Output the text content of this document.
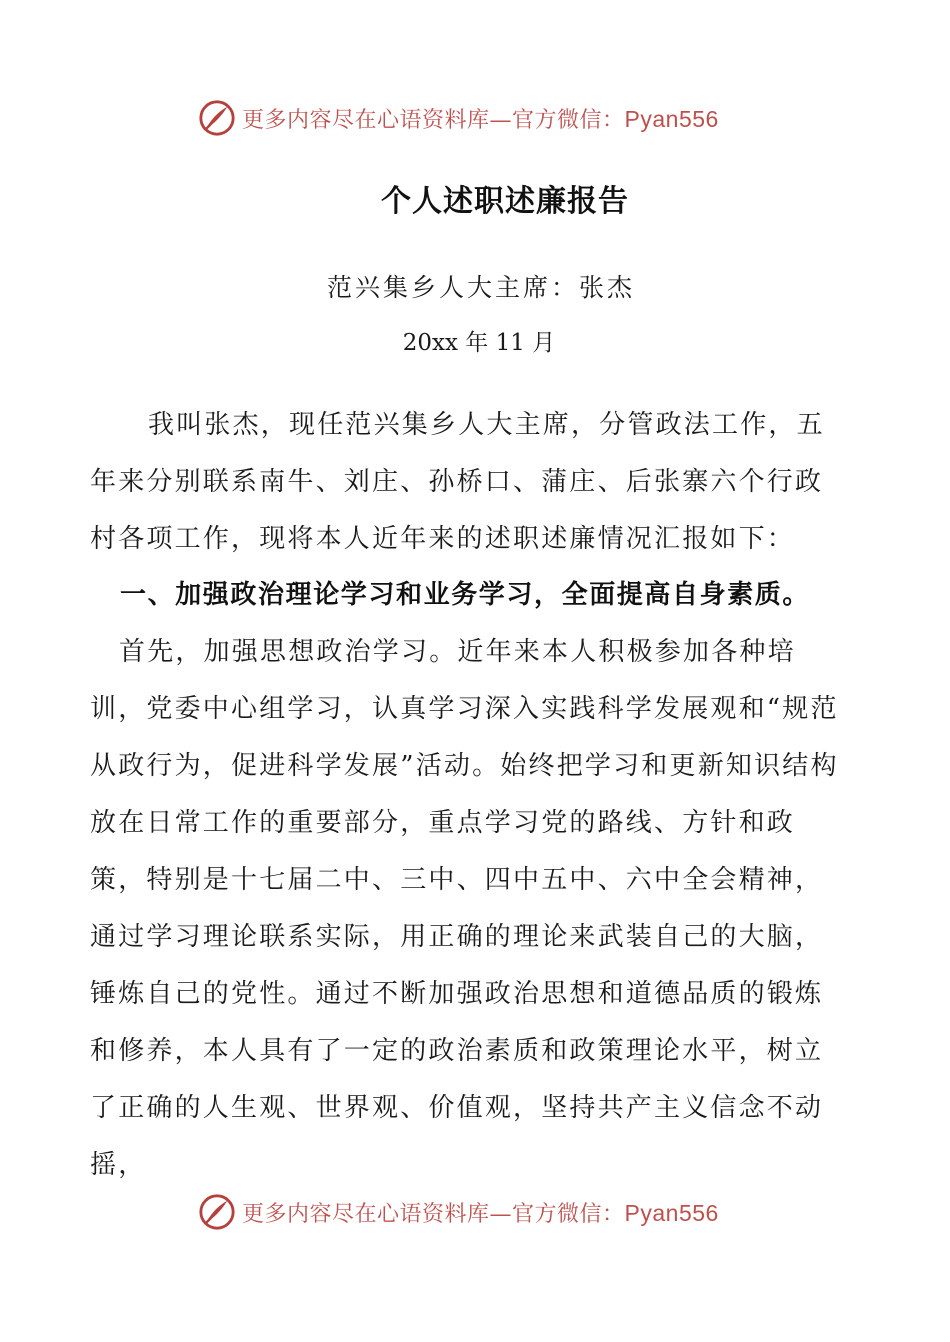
更多内容尽在心语资料库—官方微信：Pyan556
个人述职述廉报告
范兴集乡人大主席：张杰
20xx 年 11 月

我叫张杰，现任范兴集乡人大主席，分管政法工作，五年来分别联系南牛、刘庄、孙桥口、蒲庄、后张寨六个行政村各项工作，现将本人近年来的述职述廉情况汇报如下：

一、加强政治理论学习和业务学习，全面提高自身素质。

首先，加强思想政治学习。近年来本人积极参加各种培训，党委中心组学习，认真学习深入实践科学发展观和“规范从政行为，促进科学发展”活动。始终把学习和更新知识结构放在日常工作的重要部分，重点学习党的路线、方针和政策，特别是十七届二中、三中、四中五中、六中全会精神，通过学习理论联系实际，用正确的理论来武装自己的大脑，锤炼自己的党性。通过不断加强政治思想和道德品质的锻炼和修养，本人具有了一定的政治素质和政策理论水平，树立了正确的人生观、世界观、价值观，坚持共产主义信念不动摇，

更多内容尽在心语资料库—官方微信：Pyan556
